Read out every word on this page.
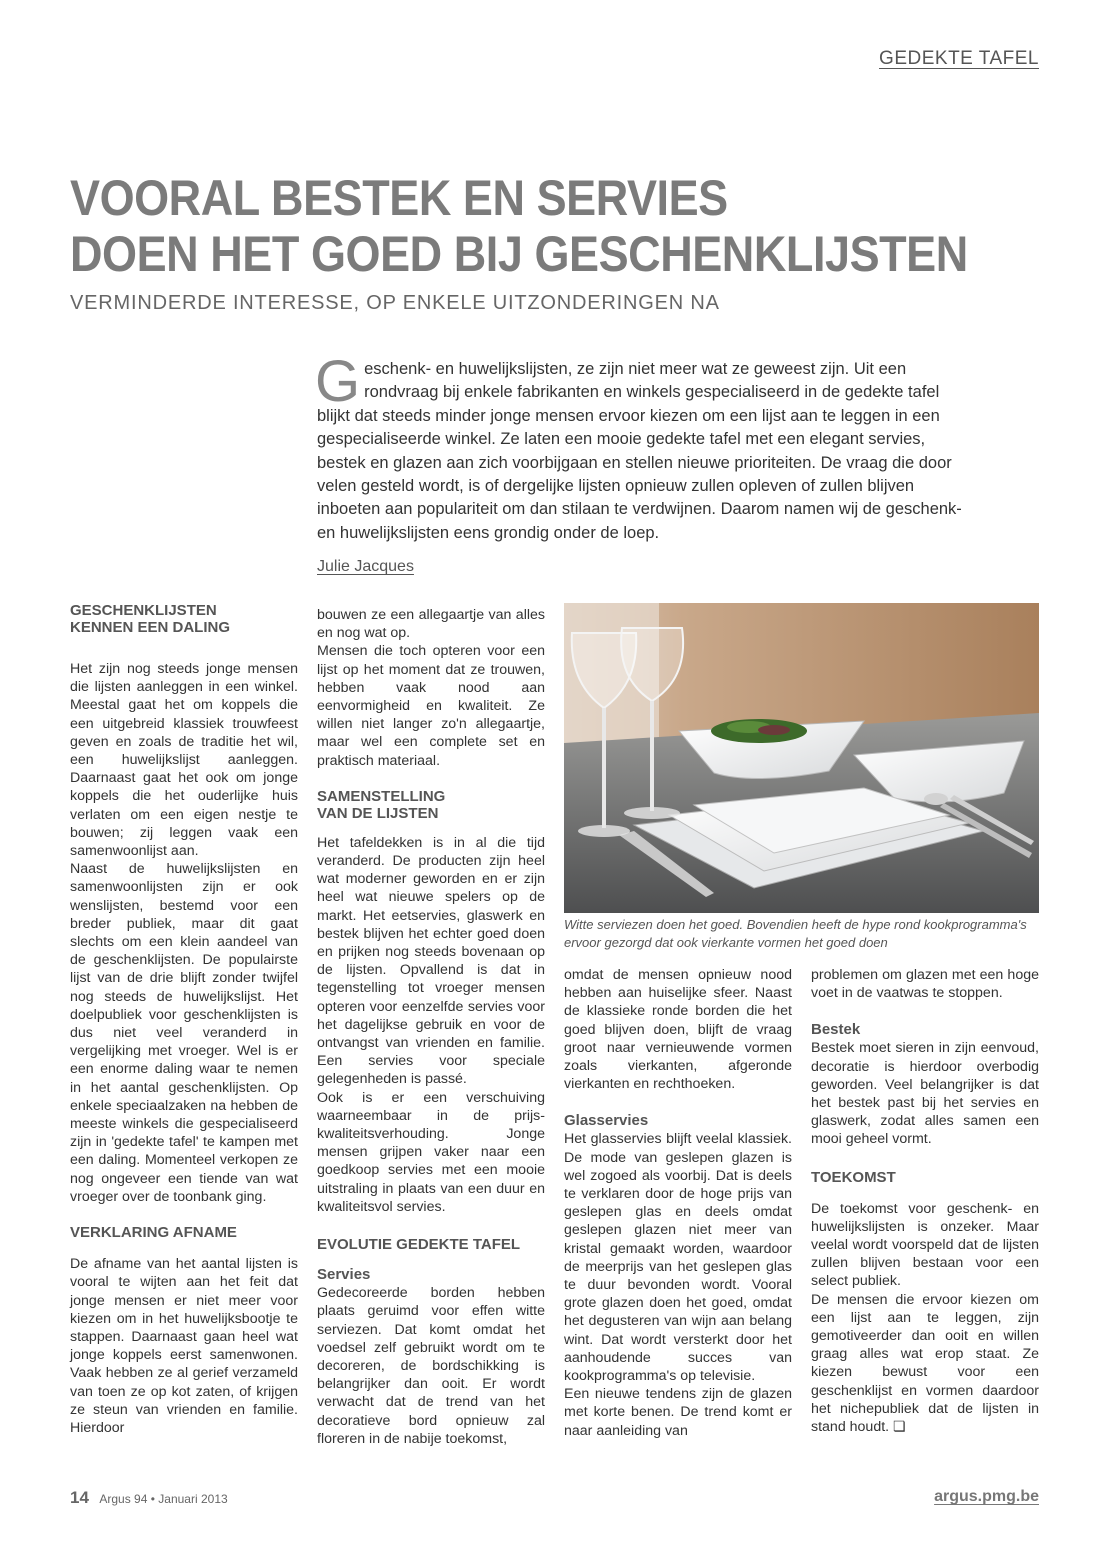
GEDEKTE TAFEL
VOORAL BESTEK EN SERVIES
DOEN HET GOED BIJ GESCHENKLIJSTEN
VERMINDERDE INTERESSE, OP ENKELE UITZONDERINGEN NA
Geschenk- en huwelijkslijsten, ze zijn niet meer wat ze geweest zijn. Uit een rondvraag bij enkele fabrikanten en winkels gespecialiseerd in de gedekte tafel blijkt dat steeds minder jonge mensen ervoor kiezen om een lijst aan te leggen in een gespecialiseerde winkel. Ze laten een mooie gedekte tafel met een elegant servies, bestek en glazen aan zich voorbijgaan en stellen nieuwe prioriteiten. De vraag die door velen gesteld wordt, is of dergelijke lijsten opnieuw zullen opleven of zullen blijven inboeten aan populariteit om dan stilaan te verdwijnen. Daarom namen wij de geschenk- en huwelijkslijsten eens grondig onder de loep.
Julie Jacques
GESCHENKLIJSTEN
KENNEN EEN DALING

Het zijn nog steeds jonge mensen die lijsten aanleggen in een winkel. Meestal gaat het om koppels die een uitgebreid klassiek trouwfeest geven en zoals de traditie het wil, een huwelijkslijst aanleggen. Daarnaast gaat het ook om jonge koppels die het ouderlijke huis verlaten om een eigen nestje te bouwen; zij leggen vaak een samenwoonlijst aan.

Naast de huwelijkslijsten en samenwoonlijsten zijn er ook wenslijsten, bestemd voor een breder publiek, maar dit gaat slechts om een klein aandeel van de geschenklijsten. De populairste lijst van de drie blijft zonder twijfel nog steeds de huwelijkslijst. Het doelpubliek voor geschenklijsten is dus niet veel veranderd in vergelijking met vroeger. Wel is er een enorme daling waar te nemen in het aantal geschenklijsten. Op enkele speciaalzaken na hebben de meeste winkels die gespecialiseerd zijn in 'gedekte tafel' te kampen met een daling. Momenteel verkopen ze nog ongeveer een tiende van wat vroeger over de toonbank ging.

VERKLARING AFNAME

De afname van het aantal lijsten is vooral te wijten aan het feit dat jonge mensen er niet meer voor kiezen om in het huwelijksbootje te stappen. Daarnaast gaan heel wat jonge koppels eerst samenwonen. Vaak hebben ze al gerief verzameld van toen ze op kot zaten, of krijgen ze steun van vrienden en familie. Hierdoor

bouwen ze een allegaartje van alles en nog wat op.

Mensen die toch opteren voor een lijst op het moment dat ze trouwen, hebben vaak nood aan eenvormigheid en kwaliteit. Ze willen niet langer zo'n allegaartje, maar wel een complete set en praktisch materiaal.

SAMENSTELLING
VAN DE LIJSTEN

Het tafeldekken is in al die tijd veranderd. De producten zijn heel wat moderner geworden en er zijn heel wat nieuwe spelers op de markt. Het eetservies, glaswerk en bestek blijven het echter goed doen en prijken nog steeds bovenaan op de lijsten. Opvallend is dat in tegenstelling tot vroeger mensen opteren voor eenzelfde servies voor het dagelijkse gebruik en voor de ontvangst van vrienden en familie. Een servies voor speciale gelegenheden is passé.

Ook is er een verschuiving waarneembaar in de prijs-kwaliteitsverhouding. Jonge mensen grijpen vaker naar een goedkoop servies met een mooie uitstraling in plaats van een duur en kwaliteitsvol servies.

EVOLUTIE GEDEKTE TAFEL
Servies

Gedecoreerde borden hebben plaats geruimd voor effen witte serviezen. Dat komt omdat het voedsel zelf gebruikt wordt om te decoreren, de bordschikking is belangrijker dan ooit. Er wordt verwacht dat de trend van het decoratieve bord opnieuw zal floreren in de nabije toekomst,

Witte serviezen doen het goed. Bovendien heeft de hype rond kookprogramma's ervoor gezorgd dat ook vierkante vormen het goed doen

omdat de mensen opnieuw nood hebben aan huiselijke sfeer. Naast de klassieke ronde borden die het goed blijven doen, blijft de vraag groot naar vernieuwende vormen zoals vierkanten, afgeronde vierkanten en rechthoeken.

Glasservies

Het glasservies blijft veelal klassiek. De mode van geslepen glazen is wel zogoed als voorbij. Dat is deels te verklaren door de hoge prijs van geslepen glas en deels omdat geslepen glazen niet meer van kristal gemaakt worden, waardoor de meerprijs van het geslepen glas te duur bevonden wordt. Vooral grote glazen doen het goed, omdat het degusteren van wijn aan belang wint. Dat wordt versterkt door het aanhoudende succes van kookprogramma's op televisie.

Een nieuwe tendens zijn de glazen met korte benen. De trend komt er naar aanleiding van

problemen om glazen met een hoge voet in de vaatwas te stoppen.

Bestek

Bestek moet sieren in zijn eenvoud, decoratie is hierdoor overbodig geworden. Veel belangrijker is dat het bestek past bij het servies en glaswerk, zodat alles samen een mooi geheel vormt.

TOEKOMST

De toekomst voor geschenk- en huwelijkslijsten is onzeker. Maar veelal wordt voorspeld dat de lijsten zullen blijven bestaan voor een select publiek.

De mensen die ervoor kiezen om een lijst aan te leggen, zijn gemotiveerder dan ooit en willen graag alles wat erop staat. Ze kiezen bewust voor een geschenklijst en vormen daardoor het nichepubliek dat de lijsten in stand houdt. ❏

14 Argus 94 • Januari 2013	argus.pmg.be
